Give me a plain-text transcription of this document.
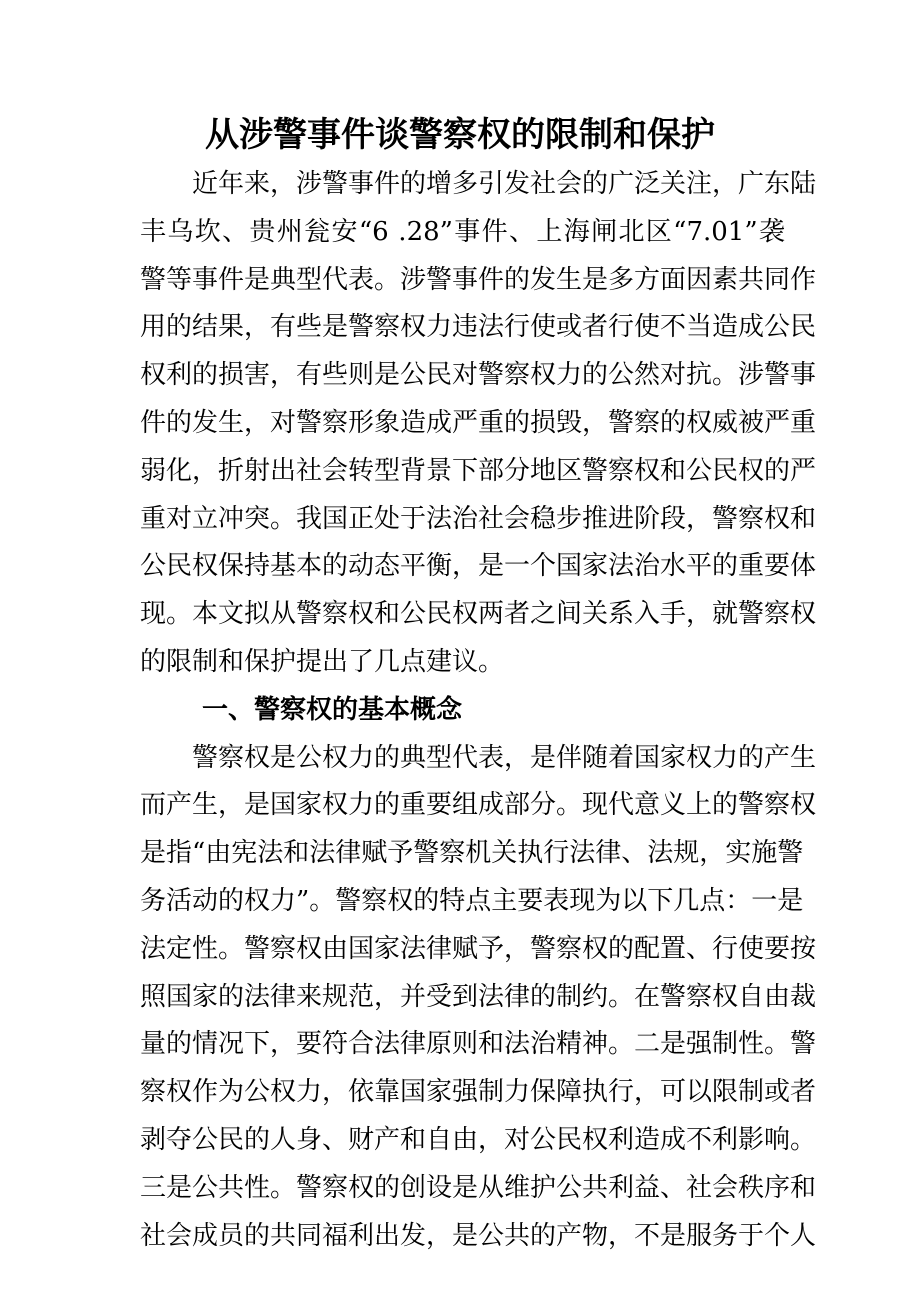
从涉警事件谈警察权的限制和保护
近年来，涉警事件的增多引发社会的广泛关注，广东陆
丰乌坎、贵州瓮安“6 .28”事件、上海闸北区“7.01”袭
警等事件是典型代表。涉警事件的发生是多方面因素共同作
用的结果，有些是警察权力违法行使或者行使不当造成公民
权利的损害，有些则是公民对警察权力的公然对抗。涉警事
件的发生，对警察形象造成严重的损毁，警察的权威被严重
弱化，折射出社会转型背景下部分地区警察权和公民权的严
重对立冲突。我国正处于法治社会稳步推进阶段，警察权和
公民权保持基本的动态平衡，是一个国家法治水平的重要体
现。本文拟从警察权和公民权两者之间关系入手，就警察权
的限制和保护提出了几点建议。
一、警察权的基本概念
警察权是公权力的典型代表，是伴随着国家权力的产生
而产生，是国家权力的重要组成部分。现代意义上的警察权
是指“由宪法和法律赋予警察机关执行法律、法规，实施警
务活动的权力”。警察权的特点主要表现为以下几点：一是
法定性。警察权由国家法律赋予，警察权的配置、行使要按
照国家的法律来规范，并受到法律的制约。在警察权自由裁
量的情况下，要符合法律原则和法治精神。二是强制性。警
察权作为公权力，依靠国家强制力保障执行，可以限制或者
剥夺公民的人身、财产和自由，对公民权利造成不利影响。
三是公共性。警察权的创设是从维护公共利益、社会秩序和
社会成员的共同福利出发，是公共的产物，不是服务于个人
